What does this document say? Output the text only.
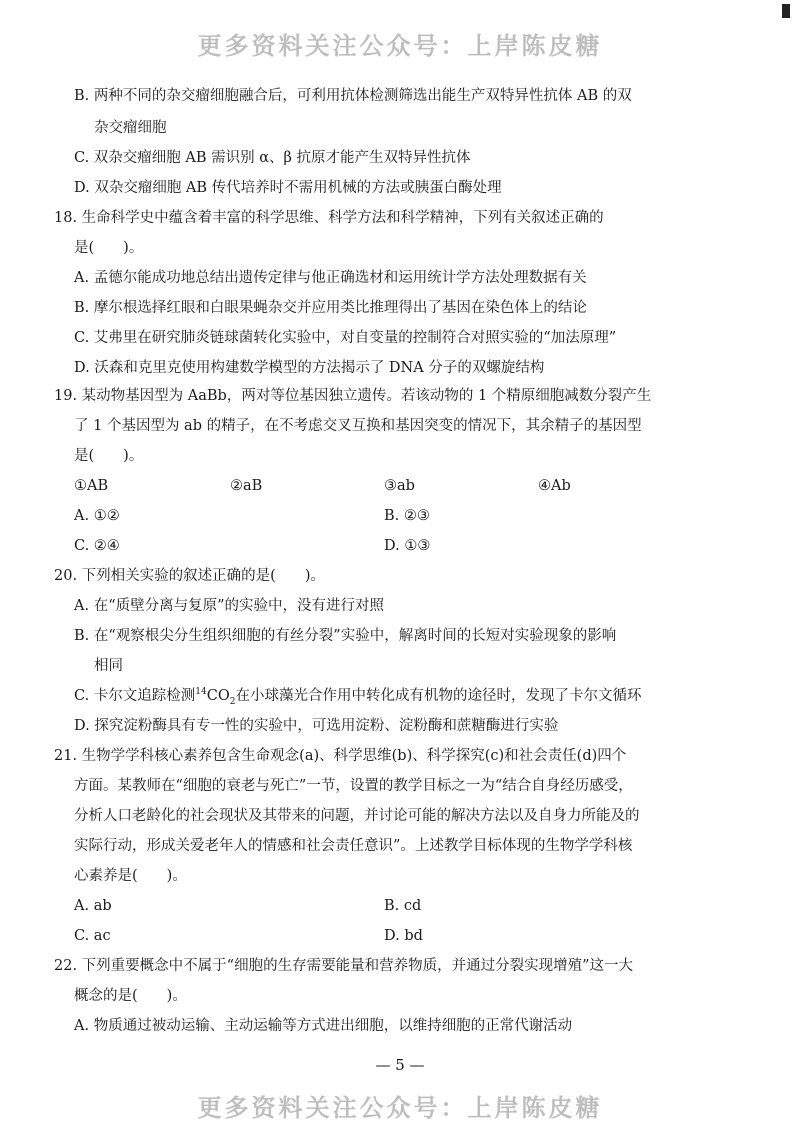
更多资料关注公众号：上岸陈皮糖
B. 两种不同的杂交瘤细胞融合后，可利用抗体检测筛选出能生产双特异性抗体 AB 的双
杂交瘤细胞
C. 双杂交瘤细胞 AB 需识别 α、β 抗原才能产生双特异性抗体
D. 双杂交瘤细胞 AB 传代培养时不需用机械的方法或胰蛋白酶处理
18. 生命科学史中蕴含着丰富的科学思维、科学方法和科学精神，下列有关叙述正确的
是(　　)。
A. 孟德尔能成功地总结出遗传定律与他正确选材和运用统计学方法处理数据有关
B. 摩尔根选择红眼和白眼果蝇杂交并应用类比推理得出了基因在染色体上的结论
C. 艾弗里在研究肺炎链球菌转化实验中，对自变量的控制符合对照实验的“加法原理”
D. 沃森和克里克使用构建数学模型的方法揭示了 DNA 分子的双螺旋结构
19. 某动物基因型为 AaBb，两对等位基因独立遗传。若该动物的 1 个精原细胞减数分裂产生
了 1 个基因型为 ab 的精子，在不考虑交叉互换和基因突变的情况下，其余精子的基因型
是(　　)。
①AB	②aB	③ab	④Ab
A. ①②	B. ②③
C. ②④	D. ①③
20. 下列相关实验的叙述正确的是(　　)。
A. 在“质壁分离与复原”的实验中，没有进行对照
B. 在“观察根尖分生组织细胞的有丝分裂”实验中，解离时间的长短对实验现象的影响
相同
C. 卡尔文追踪检测$^{14}CO_2$在小球藻光合作用中转化成有机物的途径时，发现了卡尔文循环
D. 探究淀粉酶具有专一性的实验中，可选用淀粉、淀粉酶和蔗糖酶进行实验
21. 生物学学科核心素养包含生命观念(a)、科学思维(b)、科学探究(c)和社会责任(d)四个
方面。某教师在“细胞的衰老与死亡”一节，设置的教学目标之一为“结合自身经历感受，
分析人口老龄化的社会现状及其带来的问题，并讨论可能的解决方法以及自身力所能及的
实际行动，形成关爱老年人的情感和社会责任意识”。上述教学目标体现的生物学学科核
心素养是(　　)。
A. ab	B. cd
C. ac	D. bd
22. 下列重要概念中不属于“细胞的生存需要能量和营养物质，并通过分裂实现增殖”这一大
概念的是(　　)。
A. 物质通过被动运输、主动运输等方式进出细胞，以维持细胞的正常代谢活动
— 5 —
更多资料关注公众号：上岸陈皮糖
